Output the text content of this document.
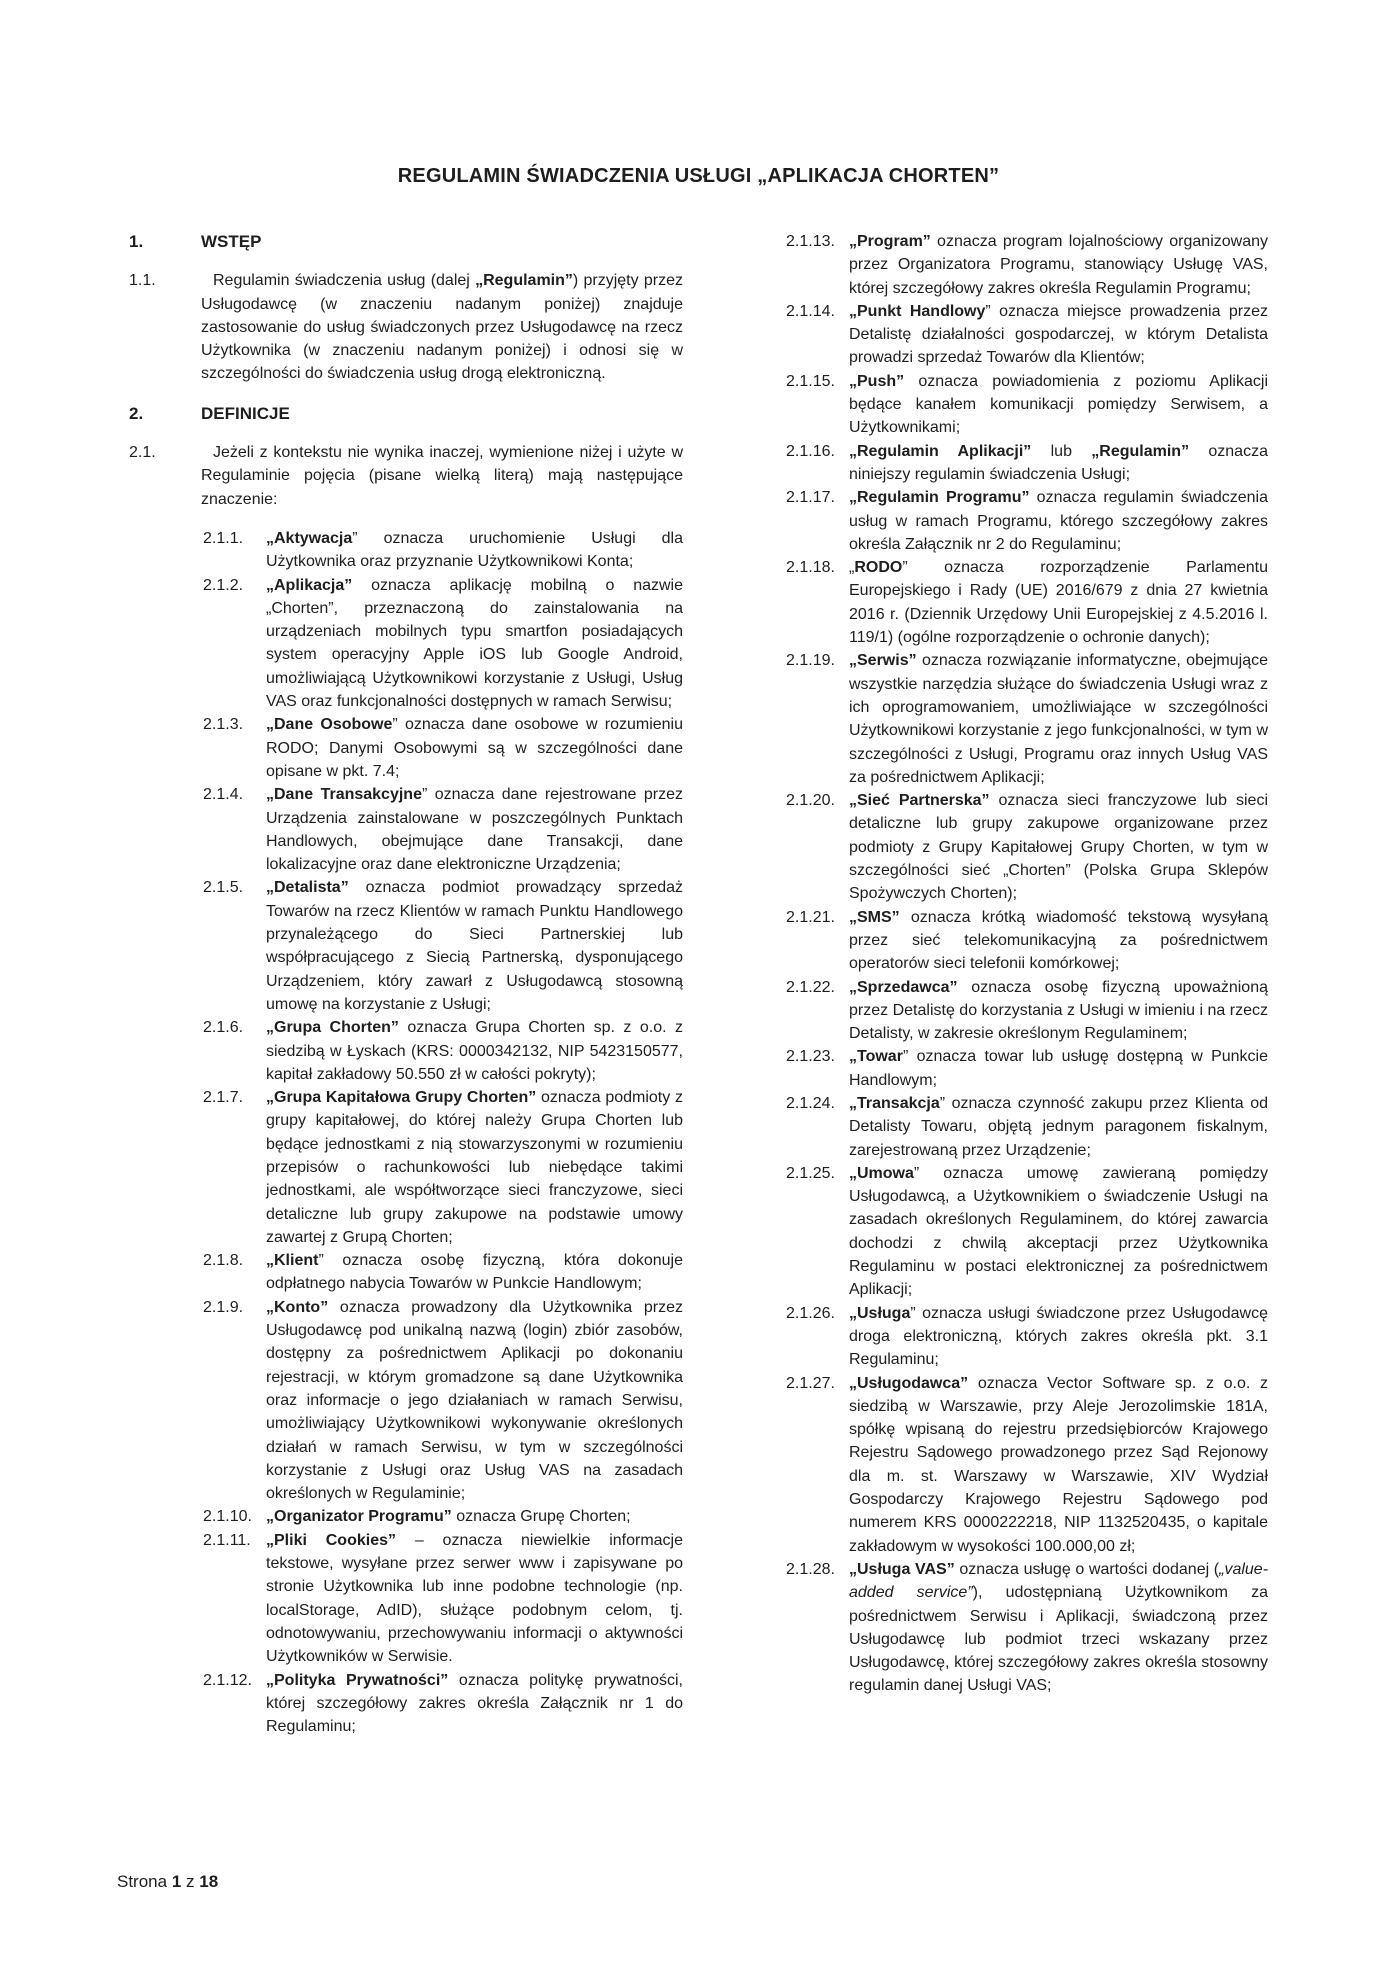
REGULAMIN ŚWIADCZENIA USŁUGI „APLIKACJA CHORTEN”
1.	WSTĘP
1.1.	Regulamin świadczenia usług (dalej „Regulamin”) przyjęty przez Usługodawcę (w znaczeniu nadanym poniżej) znajduje zastosowanie do usług świadczonych przez Usługodawcę na rzecz Użytkownika (w znaczeniu nadanym poniżej) i odnosi się w szczególności do świadczenia usług drogą elektroniczną.
2.	DEFINICJE
2.1.	Jeżeli z kontekstu nie wynika inaczej, wymienione niżej i użyte w Regulaminie pojęcia (pisane wielką literą) mają następujące znaczenie:
2.1.1.	„Aktywacja” oznacza uruchomienie Usługi dla Użytkownika oraz przyznanie Użytkownikowi Konta;
2.1.2.	„Aplikacja” oznacza aplikację mobilną o nazwie „Chorten”, przeznaczoną do zainstalowania na urządzeniach mobilnych typu smartfon posiadających system operacyjny Apple iOS lub Google Android, umożliwiającą Użytkownikowi korzystanie z Usługi, Usług VAS oraz funkcjonalności dostępnych w ramach Serwisu;
2.1.3.	„Dane Osobowe” oznacza dane osobowe w rozumieniu RODO; Danymi Osobowymi są w szczególności dane opisane w pkt. 7.4;
2.1.4.	„Dane Transakcyjne” oznacza dane rejestrowane przez Urządzenia zainstalowane w poszczególnych Punktach Handlowych, obejmujące dane Transakcji, dane lokalizacyjne oraz dane elektroniczne Urządzenia;
2.1.5.	„Detalista” oznacza podmiot prowadzący sprzedaż Towarów na rzecz Klientów w ramach Punktu Handlowego przynależącego do Sieci Partnerskiej lub współpracującego z Siecią Partnerską, dysponującego Urządzeniem, który zawarł z Usługodawcą stosowną umowę na korzystanie z Usługi;
2.1.6.	„Grupa Chorten” oznacza Grupa Chorten sp. z o.o. z siedzibą w Łyskach (KRS: 0000342132, NIP 5423150577, kapitał zakładowy 50.550 zł w całości pokryty);
2.1.7.	„Grupa Kapitałowa Grupy Chorten” oznacza podmioty z grupy kapitałowej, do której należy Grupa Chorten lub będące jednostkami z nią stowarzyszonymi w rozumieniu przepisów o rachunkowości lub niebędące takimi jednostkami, ale współtworzące sieci franczyzowe, sieci detaliczne lub grupy zakupowe na podstawie umowy zawartej z Grupą Chorten;
2.1.8.	„Klient” oznacza osobę fizyczną, która dokonuje odpłatnego nabycia Towarów w Punkcie Handlowym;
2.1.9.	„Konto” oznacza prowadzony dla Użytkownika przez Usługodawcę pod unikalną nazwą (login) zbiór zasobów, dostępny za pośrednictwem Aplikacji po dokonaniu rejestracji, w którym gromadzone są dane Użytkownika oraz informacje o jego działaniach w ramach Serwisu, umożliwiający Użytkownikowi wykonywanie określonych działań w ramach Serwisu, w tym w szczególności korzystanie z Usługi oraz Usług VAS na zasadach określonych w Regulaminie;
2.1.10. „Organizator Programu” oznacza Grupę Chorten;
2.1.11. „Pliki Cookies” – oznacza niewielkie informacje tekstowe, wysyłane przez serwer www i zapisywane po stronie Użytkownika lub inne podobne technologie (np. localStorage, AdID), służące podobnym celom, tj. odnotowywaniu, przechowywaniu informacji o aktywności Użytkowników w Serwisie.
2.1.12. „Polityka Prywatności” oznacza politykę prywatności, której szczegółowy zakres określa Załącznik nr 1 do Regulaminu;
2.1.13. „Program” oznacza program lojalnościowy organizowany przez Organizatora Programu, stanowiący Usługę VAS, której szczegółowy zakres określa Regulamin Programu;
2.1.14. „Punkt Handlowy” oznacza miejsce prowadzenia przez Detalistę działalności gospodarczej, w którym Detalista prowadzi sprzedaż Towarów dla Klientów;
2.1.15. „Push” oznacza powiadomienia z poziomu Aplikacji będące kanałem komunikacji pomiędzy Serwisem, a Użytkownikami;
2.1.16. „Regulamin Aplikacji” lub „Regulamin” oznacza niniejszy regulamin świadczenia Usługi;
2.1.17. „Regulamin Programu” oznacza regulamin świadczenia usług w ramach Programu, którego szczegółowy zakres określa Załącznik nr 2 do Regulaminu;
2.1.18. „RODO” oznacza rozporządzenie Parlamentu Europejskiego i Rady (UE) 2016/679 z dnia 27 kwietnia 2016 r. (Dziennik Urzędowy Unii Europejskiej z 4.5.2016 l. 119/1) (ogólne rozporządzenie o ochronie danych);
2.1.19. „Serwis” oznacza rozwiązanie informatyczne, obejmujące wszystkie narzędzia służące do świadczenia Usługi wraz z ich oprogramowaniem, umożliwiające w szczególności Użytkownikowi korzystanie z jego funkcjonalności, w tym w szczególności z Usługi, Programu oraz innych Usług VAS za pośrednictwem Aplikacji;
2.1.20. „Sieć Partnerska” oznacza sieci franczyzowe lub sieci detaliczne lub grupy zakupowe organizowane przez podmioty z Grupy Kapitałowej Grupy Chorten, w tym w szczególności sieć „Chorten” (Polska Grupa Sklepów Spożywczych Chorten);
2.1.21. „SMS” oznacza krótką wiadomość tekstową wysyłaną przez sieć telekomunikacyjną za pośrednictwem operatorów sieci telefonii komórkowej;
2.1.22. „Sprzedawca” oznacza osobę fizyczną upoważnioną przez Detalistę do korzystania z Usługi w imieniu i na rzecz Detalisty, w zakresie określonym Regulaminem;
2.1.23. „Towar” oznacza towar lub usługę dostępną w Punkcie Handlowym;
2.1.24. „Transakcja” oznacza czynność zakupu przez Klienta od Detalisty Towaru, objętą jednym paragonem fiskalnym, zarejestrowaną przez Urządzenie;
2.1.25. „Umowa” oznacza umowę zawieraną pomiędzy Usługodawcą, a Użytkownikiem o świadczenie Usługi na zasadach określonych Regulaminem, do której zawarcia dochodzi z chwilą akceptacji przez Użytkownika Regulaminu w postaci elektronicznej za pośrednictwem Aplikacji;
2.1.26. „Usługa” oznacza usługi świadczone przez Usługodawcę droga elektroniczną, których zakres określa pkt. 3.1 Regulaminu;
2.1.27. „Usługodawca” oznacza Vector Software sp. z o.o. z siedzibą w Warszawie, przy Aleje Jerozolimskie 181A, spółkę wpisaną do rejestru przedsiębiorców Krajowego Rejestru Sądowego prowadzonego przez Sąd Rejonowy dla m. st. Warszawy w Warszawie, XIV Wydział Gospodarczy Krajowego Rejestru Sądowego pod numerem KRS 0000222218, NIP 1132520435, o kapitale zakładowym w wysokości 100.000,00 zł;
2.1.28. „Usługa VAS” oznacza usługę o wartości dodanej („value-added service”), udostępnianą Użytkownikom za pośrednictwem Serwisu i Aplikacji, świadczoną przez Usługodawcę lub podmiot trzeci wskazany przez Usługodawcę, której szczegółowy zakres określa stosowny regulamin danej Usługi VAS;
Strona 1 z 18
